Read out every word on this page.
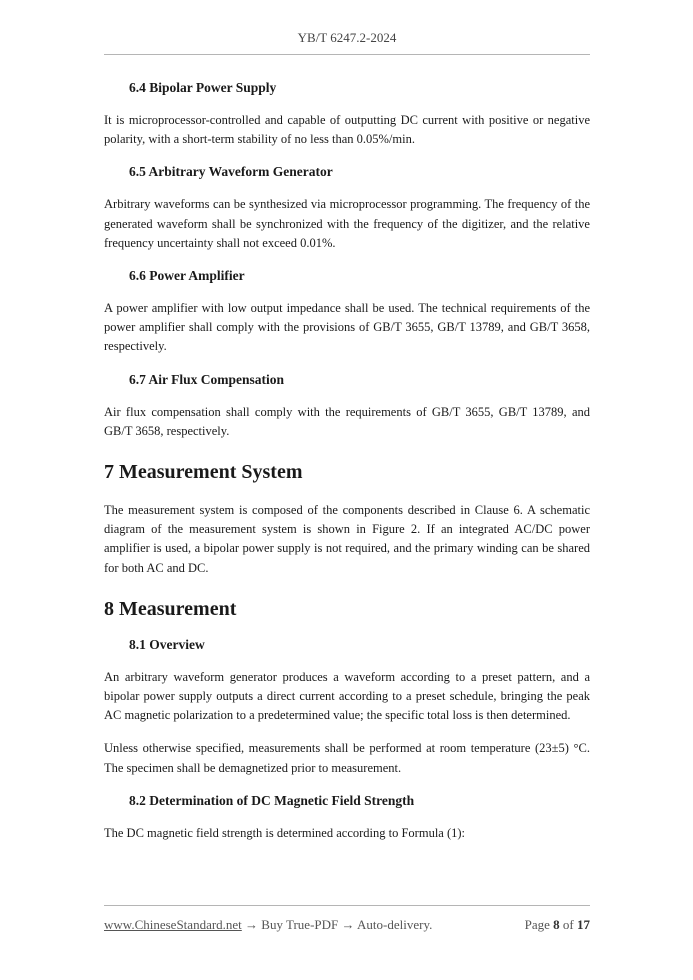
YB/T 6247.2-2024
6.4 Bipolar Power Supply

It is microprocessor-controlled and capable of outputting DC current with positive or negative polarity, with a short-term stability of no less than 0.05%/min.

6.5 Arbitrary Waveform Generator

Arbitrary waveforms can be synthesized via microprocessor programming. The frequency of the generated waveform shall be synchronized with the frequency of the digitizer, and the relative frequency uncertainty shall not exceed 0.01%.

6.6 Power Amplifier

A power amplifier with low output impedance shall be used. The technical requirements of the power amplifier shall comply with the provisions of GB/T 3655, GB/T 13789, and GB/T 3658, respectively.

6.7 Air Flux Compensation

Air flux compensation shall comply with the requirements of GB/T 3655, GB/T 13789, and GB/T 3658, respectively.

7 Measurement System

The measurement system is composed of the components described in Clause 6. A schematic diagram of the measurement system is shown in Figure 2. If an integrated AC/DC power amplifier is used, a bipolar power supply is not required, and the primary winding can be shared for both AC and DC.

8 Measurement
8.1 Overview

An arbitrary waveform generator produces a waveform according to a preset pattern, and a bipolar power supply outputs a direct current according to a preset schedule, bringing the peak AC magnetic polarization to a predetermined value; the specific total loss is then determined.

Unless otherwise specified, measurements shall be performed at room temperature (23±5) °C. The specimen shall be demagnetized prior to measurement.

8.2 Determination of DC Magnetic Field Strength

The DC magnetic field strength is determined according to Formula (1):

www.ChineseStandard.net → Buy True-PDF → Auto-delivery.	Page 8 of 17
